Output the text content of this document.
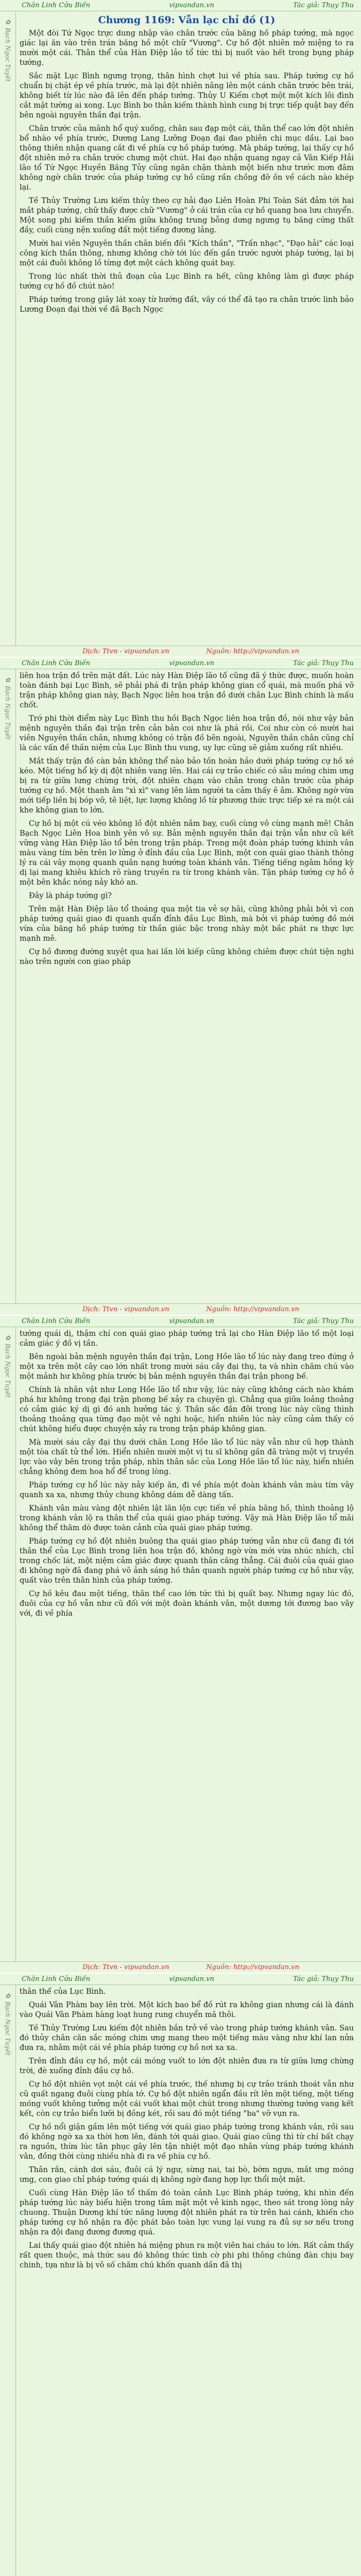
Chân Linh Cửu Biến	vipvandan.vn	Tác giả: Thụy Thu
✿ Bạch Ngọc Tuyết
Chương 1169: Vẫn lạc chỉ đồ (1)

Một đòi Tứ Ngọc trực dung nhập vào chân trước của băng hồ pháp tướng, mà ngọc giác lại ăn vào trên trán băng hồ một chữ "Vương". Cự hồ đột nhiên mở miệng to ra mười một cái. Thân thể của Hàn Điệp lảo tổ tức thì bị nuốt vào hết trong bụng pháp tướng.

Sắc mặt Lục Bình ngưng trọng, thân hình chợt lui về phía sau. Pháp tướng cự hồ chuẩn bị chặt ép về phía trước, mà lại đột nhiên nâng lên một cánh chân trước bên trái, không biết từ lúc nào đã lên đến pháp tướng. Thủy U Kiếm chợt một một kích lôi đình cắt mặt tường ai xong. Lục Bình bo thân kiếm thành hình cung bị trực tiếp quật bay đến bên ngoài nguyên thần đại trận.

Chân trước của mãnh hổ quý xuống, chân sau đạp một cái, thân thể cao lớn đột nhiên bổ nhào về phía trước, Dương Lang Lưỡng Đoạn đại đao phiên chi mục dầu. Lại bao thông thiên nhận quang cắt đi về phía cự hồ pháp tướng. Mà pháp tướng, lại thấy cự hồ đột nhiên mở ra chân trước chưng một chút. Hai đạo nhận quang ngay cả Vân Kiếp Hải lão tổ Tứ Ngọc Huyền Băng Tủy cũng ngăn chặn thành một biến như trước mơn đâm không ngờ chân trước của pháp tướng cự hồ cũng rần chồng đỡ ồn về cách nào khép lại.

Tề Thủy Trường Lưu kiếm thủy theo cự hải đạo Liên Hoàn Phi Toàn Sát đảm tới hai mắt pháp tướng, chữ thấy được chữ "Vương" ở cái trán của cự hồ quang hoa lưu chuyển. Một song phi kiếm thần kiếm giữa không trung bỗng dưng ngưng tụ băng cứng thất đầy, cuối cùng nện xuống đất một tiếng đương lảng.

Mười hai viên Nguyên thần chân biến đồi "Kích thần", "Trấn nhạc", "Đạo hải" các loại công kích thần thông, nhưng không chờ tới lúc đến gần trước người pháp tướng, lại bị một cái đuôi không lồ từng đợt một cách không quát bay.

Trong lúc nhất thời thủ đoạn của Lục Bình ra hết, cũng không làm gì được pháp tướng cự hồ đồ chút nào!

Pháp tướng trong giây lát xoay từ hướng đất, vây có thể đã tạo ra chân trước linh bảo Lương Đoạn đại thời về đã Bạch Ngọc

Dịch: Ttvn - vipvandan.vn	Nguồn: http://vipvandan.vn
Chân Linh Cửu Biến	vipvandan.vn	Tác giả: Thụy Thu
✿ Bạch Ngọc Tuyết

liên hoa trận đồ trên mặt đất. Lúc này Hàn Điệp lão tổ cũng đã ý thức được, muốn hoàn toàn đánh bại Lục Bình, sẽ phải phá đi trận pháp không gian cổ quái, mà muốn phá vỡ trận pháp không gian này, Bạch Ngọc liên hoa trận đồ dưới chân Lục Bình chính là mấu chốt.

Trớ phi thời điểm này Lục Bình thu hồi Bạch Ngọc liên hoa trận đồ, nói như vậy bản mệnh nguyên thần đại trận trên cản bản coi như là phá rồi. Coi như còn có mười hai viên Nguyên thần chân, nhưng không có trận đồ bên ngoài, Nguyên thần chân cũng chỉ là các vấn đề thần niệm của Lục Bình thu vung, uy lực cũng sẽ giảm xuống rất nhiều.

Mắt thấy trận đồ càn bản không thể nào bảo tồn hoàn hảo dưới pháp tướng cự hồ xé kéo. Một tiếng hổ kỳ dị đột nhiên vang lên. Hai cái cự trảo chiếc có sâu móng chim ưng bị ra từ giữa lưng chừng trời, đột nhiên chạm vào chân trong chân trước của pháp tướng cự hồ. Một thanh âm "xì xì" vang lên làm người ta cảm thấy ê âm. Không ngờ vừa mới tiếp liền bị bóp vỡ, tê liệt, lực lượng không lồ từ phương thức trực tiếp xé ra một cái khe không gian to lớn.

Cự hồ bị một cú véo không lồ đột nhiên nắm bay, cuối cùng vô cùng mạnh mẽ! Chân Bạch Ngọc Liên Hoa bình yên vô sự. Bản mệnh nguyên thần đại trận vẫn như cũ kết vững vàng Hàn Điệp lão tổ bên trong trận pháp. Trong một đoàn pháp tướng khinh vân màu vàng tím bên trên lơ lửng ở đỉnh đầu của Lục Bình, một con quái giao thành thông lý ra cái vây mọng quanh quân nạng hướng toàn khánh vân. Tiếng tiếng ngâm hồng kỳ dị lại mang khiêu khích rõ ràng truyền ra từ trong khánh vân. Tận pháp tướng cự hồ ở một bên khắc nóng nảy khó an.

Đây là pháp tướng gì?

Trên mặt Hàn Điệp lão tổ thoáng qua một tia vẻ sợ hãi, cũng không phải bởi vì con pháp tướng quái giao đi quanh quẩn đỉnh đầu Lục Bình, mà bởi vì pháp tướng đồ mới vừa của băng hồ pháp tướng từ thần giác bậc trong nhày một bầc phát ra thực lực mạnh mẽ.

Cự hồ đương đường xuyệt qua hai lần lời kiếp cũng không chiêm được chút tiện nghi nào trên người con giao pháp

Dịch: Ttvn - vipvandan.vn	Nguồn: http://vipvandan.vn
Chân Linh Cửu Biến	vipvandan.vn	Tác giả: Thụy Thu
✿ Bạch Ngọc Tuyết

tướng quái dị, thậm chí con quái giao pháp tướng trả lại cho Hàn Điệp lão tổ một loại cảm giác ý đồ vị tần.

Bên ngoài bản mệnh nguyên thần đại trận, Long Hồe lão tổ lúc này đang treo đứng ở một xa trên một cây cao lớn nhất trong mười sáu cây đại thụ, ta và nhìn chăm chú vào một mảnh hư không phía trước bị bản mệnh nguyên thần đại trận phong bế.

Chính là nhân vật như Long Hồe lão tổ như vậy, lúc này cũng không cách nào khám phá hư không trong đại trận phong bế xảy ra chuyện gì. Chẳng qua giữa loảng thoảng có cảm giác ký dị gì đó anh hưởng tác ý. Thân sắc đắn đỡi trong lúc này cũng thình thoảng thoảng qua từng đạo một vẻ nghi hoặc, hiển nhiên lúc này cũng cảm thấy có chút không hiểu được chuyện xảy ra trong trận pháp không gian.

Mà mười sáu cây đại thụ dưới chân Long Hồe lão tổ lúc này vẫn như cũ hợp thành một tòa chất tử thể lớn. Hiển nhiên mười một vị tu sĩ không gần đã tràng một vị truyền lực vào vây bên trong trận pháp, nhìn thân sắc của Long Hồe lão tổ lúc này, hiển nhiên chẳng không đem hoa hổ để trong lòng.

Pháp tướng cự hổ lúc này nảy kiếp ăn, đi về phía một đoàn khánh vân màu tím vây quanh xa xa, nhưng thủy chung không dám dễ dàng tấn.

Khánh vân màu vàng đột nhiên lật lăn lộn cực tiến về phía băng hồ, thình thoảng lộ trong khánh vân lộ ra thân thể của quái giao pháp tướng. Vậy mà Hàn Điệp lão tổ mãi không thể thăm dò được toàn cảnh của quái giao pháp tướng.

Pháp tướng cự hồ đột nhiên buông tha quái giao pháp tướng vẫn như cũ đang đi tới thân thể của Lục Bình trong liên hoa trận đồ, không ngờ vừa mới vừa nhúc nhích, chỉ trong chốc lát, một niệm cảm giác được quanh thân căng thẳng. Cái đuôi của quái giao đi không ngờ đã đang phá võ ảnh sáng hồ thân quanh người pháp tướng cự hồ như vậy, quất vào trên thân hình của pháp tướng.

Cự hồ kêu đau một tiếng, thân thể cao lớn tức thì bị quất bay. Nhưng ngay lúc đó, đuôi của cự hồ vẫn như cũ đối với một đoàn khánh vân, một dương tới đương bao vây với, đi về phía

Dịch: Ttvn - vipvandan.vn	Nguồn: http://vipvandan.vn
Chân Linh Cửu Biến	vipvandan.vn	Tác giả: Thụy Thu
✿ Bạch Ngọc Tuyết

thân thể của Lục Bình.

Quái Vân Phàm bay lên trời. Một kích bao bể đồ rút ra không gian nhưng cái là đánh vào Quái Vân Phàm hàng loạt hung rung chuyển mã thôi.

Tề Thủy Trường Lưu kiếm đột nhiên bắn trở về vào trong pháp tướng khánh vân. Sau đó thủy chân căn sắc móng chim ưng mang theo một tiếng màu vàng như khí lan nửa đưa ra, nhằm một cái về phía pháp tướng cự hồ nơi xa xa.

Trên đỉnh đầu cự hồ, một cái móng vuốt to lớn đột nhiên đưa ra từ giữa lưng chừng trời, đè xuống đỉnh đầu cự hồ.

Cự hồ đột nhiên vọt một cái về phía trước, thế nhưng bị cự trảo tránh thoát vẫn như cũ quất ngang đuôi cùng phía tớ. Cự hồ đột nhiên ngẩn đầu rít lên một tiếng, một tiếng móng vuốt không tưởng một cái vuốt khai một chút trong nhưng thường tướng vang kết kết, còn cự trảo biển lưỡi bị đồng két, rồi sau đó một tiếng "ba" vỡ vụn ra.

Cự hồ nổi giận gầm lên một tiếng với quái giao pháp tướng trong khánh vân, rồi sau đó không ngờ xa xa thời hơn lên, đánh tới quái giao. Quái giao cũng thì từ chí bất chạy ra nguồn, thừa lúc tân phục gây lên tận nhiệt một đạo nhân vùng pháp tướng khánh vân, đồng thời cùng nhiều nhà đi ra về phía cự hồ.

Thân rắn, cánh dơi sáu, đuôi cá lý ngư, sừng nai, tai bò, bờm ngựa, mắt ưng móng ưng, con giao chỉ pháp tướng quái dị không ngờ đang hợp lực thổi một mặt.

Cuối cùng Hàn Điệp lão tổ thấm đó toàn cảnh Lục Bình pháp tướng, khi nhìn đến pháp tướng lúc này biểu hiện trong tâm mặt một vẻ kinh ngạc, theo sát trong lòng nảy chuong. Thuận Dương khí tức năng lượng đột nhiên phát ra từ trên hai cánh, khiến cho pháp tướng cự hồ nhận ra độc phát bảo toàn lực vung lại vung ra đủ sự sơ nếu trong nhận ra đội đang đương đương quá.

Lai thấy quái giao đột nhiên há miệng phun ra một viên hai cháu to lớn. Rất cảm thấy rất quen thuộc, mà thức sau đó không thức tình cờ phi phi thông chúng đàn chịu bay chinh, tựa như là bị vô số chăm chú khốn quanh dần đã thị
